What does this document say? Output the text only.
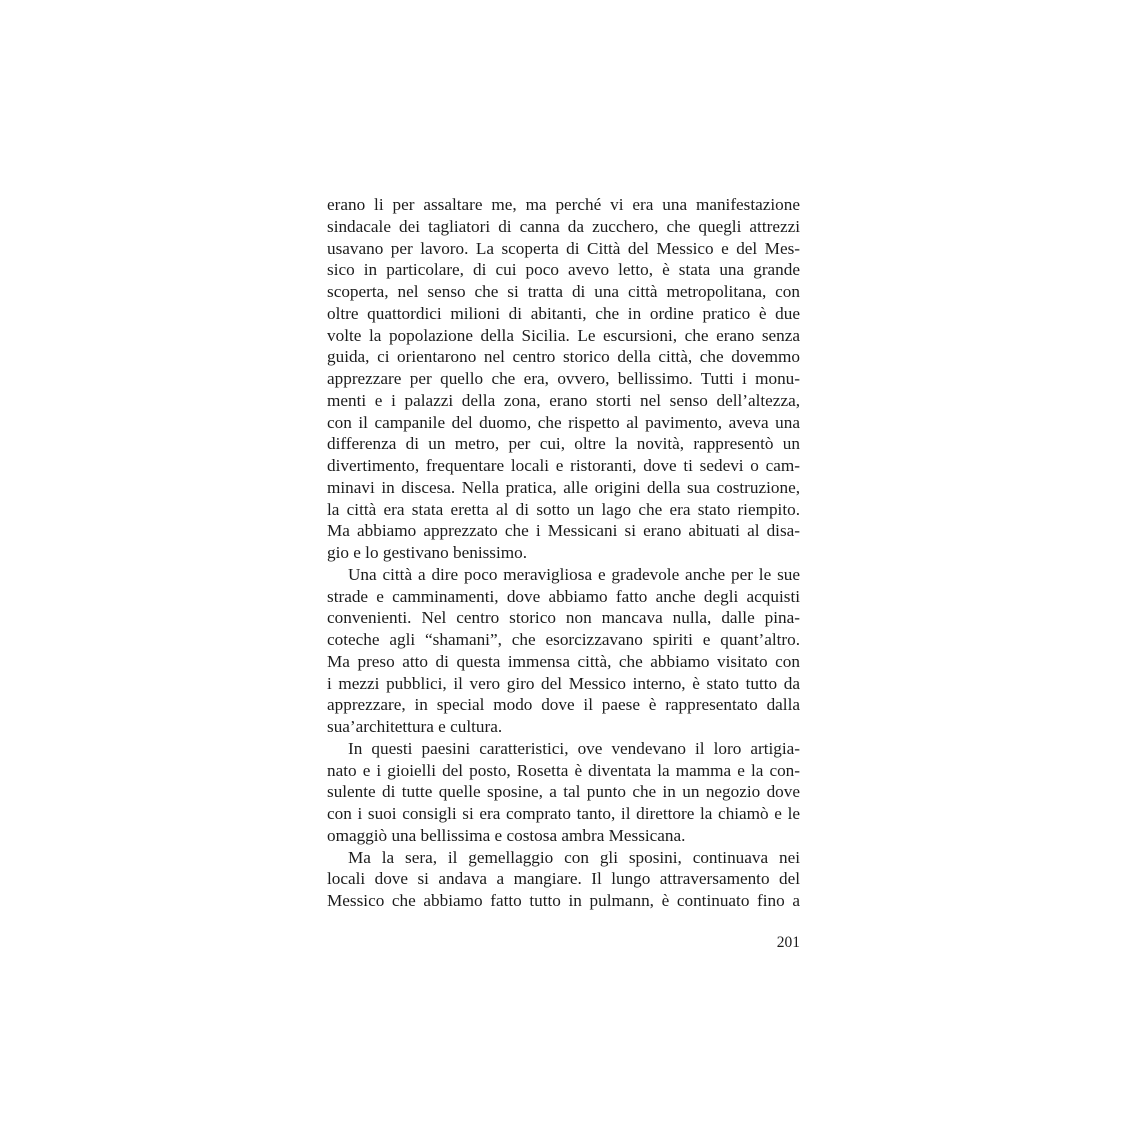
erano li per assaltare me, ma perché vi era una manifestazione
sindacale dei tagliatori di canna da zucchero, che quegli attrezzi
usavano per lavoro. La scoperta di Città del Messico e del Mes-
sico in particolare, di cui poco avevo letto, è stata una grande
scoperta, nel senso che si tratta di una città metropolitana, con
oltre quattordici milioni di abitanti, che in ordine pratico è due
volte la popolazione della Sicilia. Le escursioni, che erano senza
guida, ci orientarono nel centro storico della città, che dovemmo
apprezzare per quello che era, ovvero, bellissimo. Tutti i monu-
menti e i palazzi della zona, erano storti nel senso dell’altezza,
con il campanile del duomo, che rispetto al pavimento, aveva una
differenza di un metro, per cui, oltre la novità, rappresentò un
divertimento, frequentare locali e ristoranti, dove ti sedevi o cam-
minavi in discesa. Nella pratica, alle origini della sua costruzione,
la città era stata eretta al di sotto un lago che era stato riempito.
Ma abbiamo apprezzato che i Messicani si erano abituati al disa-
gio e lo gestivano benissimo.
Una città a dire poco meravigliosa e gradevole anche per le sue
strade e camminamenti, dove abbiamo fatto anche degli acquisti
convenienti. Nel centro storico non mancava nulla, dalle pina-
coteche agli “shamani”, che esorcizzavano spiriti e quant’altro.
Ma preso atto di questa immensa città, che abbiamo visitato con
i mezzi pubblici, il vero giro del Messico interno, è stato tutto da
apprezzare, in special modo dove il paese è rappresentato dalla
sua’architettura e cultura.
In questi paesini caratteristici, ove vendevano il loro artigia-
nato e i gioielli del posto, Rosetta è diventata la mamma e la con-
sulente di tutte quelle sposine, a tal punto che in un negozio dove
con i suoi consigli si era comprato tanto, il direttore la chiamò e le
omaggiò una bellissima e costosa ambra Messicana.
Ma la sera, il gemellaggio con gli sposini, continuava nei
locali dove si andava a mangiare. Il lungo attraversamento del
Messico che abbiamo fatto tutto in pulmann, è continuato fino a
201
